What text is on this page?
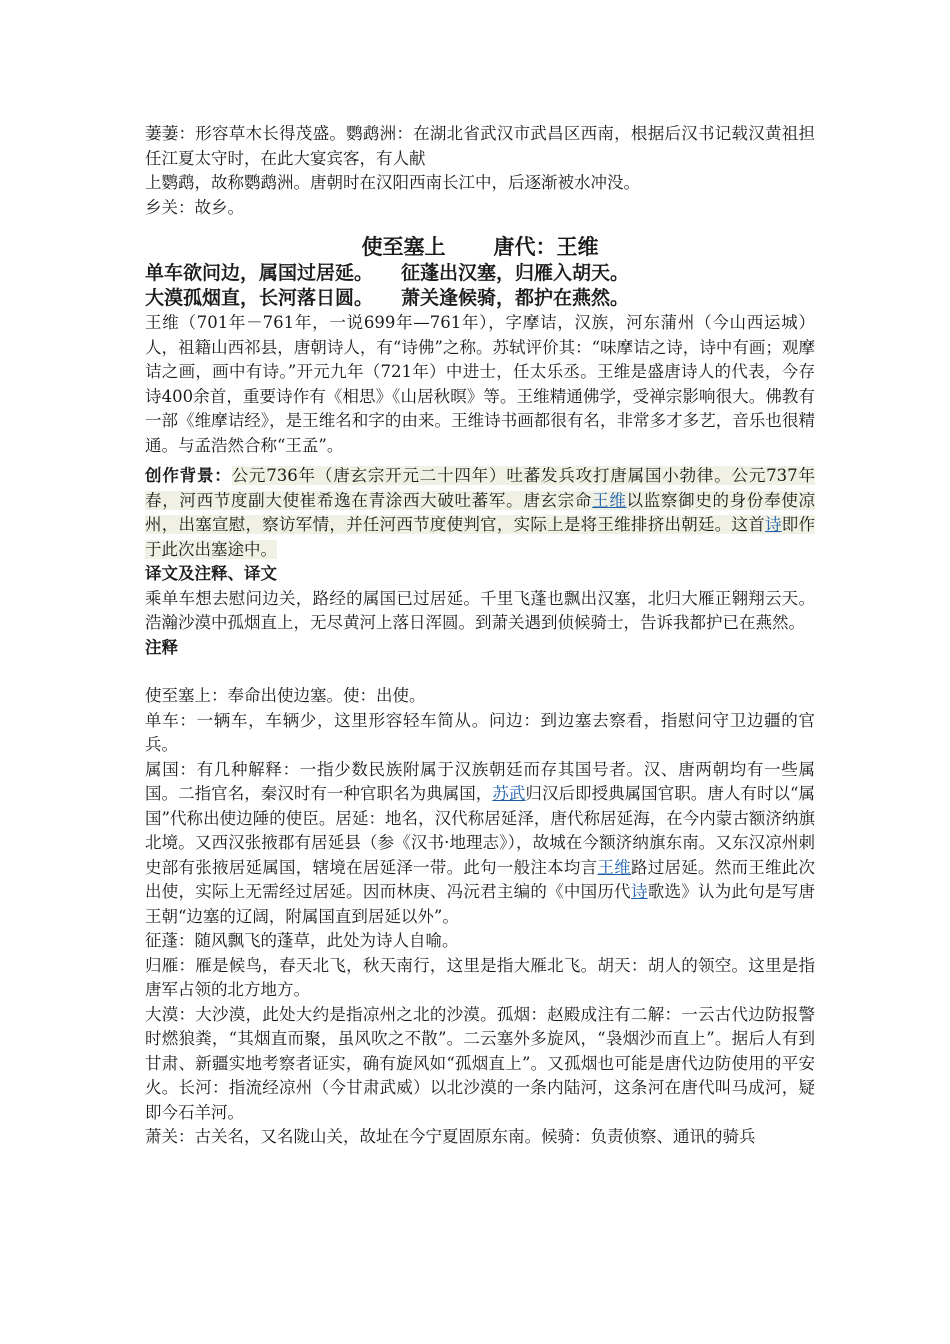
萋萋：形容草木长得茂盛。鹦鹉洲：在湖北省武汉市武昌区西南，根据后汉书记载汉黄祖担任江夏太守时，在此大宴宾客，有人献

上鹦鹉，故称鹦鹉洲。唐朝时在汉阳西南长江中，后逐渐被水冲没。

乡关：故乡。

使至塞上 唐代：王维
单车欲问边，属国过居延。 征蓬出汉塞，归雁入胡天。
大漠孤烟直，长河落日圆。 萧关逢候骑，都护在燕然。

王维（701年－761年，一说699年—761年），字摩诘，汉族，河东蒲州（今山西运城）人，祖籍山西祁县，唐朝诗人，有“诗佛”之称。苏轼评价其：“味摩诘之诗，诗中有画；观摩诘之画，画中有诗。”开元九年（721年）中进士，任太乐丞。王维是盛唐诗人的代表，今存诗400余首，重要诗作有《相思》《山居秋暝》等。王维精通佛学，受禅宗影响很大。佛教有一部《维摩诘经》，是王维名和字的由来。王维诗书画都很有名，非常多才多艺，音乐也很精通。与孟浩然合称“王孟”。

创作背景：公元736年（唐玄宗开元二十四年）吐蕃发兵攻打唐属国小勃律。公元737年春，河西节度副大使崔希逸在青涂西大破吐蕃军。唐玄宗命王维以监察御史的身份奉使凉州，出塞宣慰，察访军情，并任河西节度使判官，实际上是将王维排挤出朝廷。这首诗即作于此次出塞途中。

译文及注释、译文

乘单车想去慰问边关，路经的属国已过居延。千里飞蓬也飘出汉塞，北归大雁正翱翔云天。浩瀚沙漠中孤烟直上，无尽黄河上落日浑圆。到萧关遇到侦候骑士，告诉我都护已在燕然。

注释

使至塞上：奉命出使边塞。使：出使。

单车：一辆车，车辆少，这里形容轻车简从。问边：到边塞去察看，指慰问守卫边疆的官兵。

属国：有几种解释：一指少数民族附属于汉族朝廷而存其国号者。汉、唐两朝均有一些属国。二指官名，秦汉时有一种官职名为典属国，苏武归汉后即授典属国官职。唐人有时以“属国”代称出使边陲的使臣。居延：地名，汉代称居延泽，唐代称居延海，在今内蒙古额济纳旗北境。又西汉张掖郡有居延县（参《汉书·地理志》），故城在今额济纳旗东南。又东汉凉州刺史部有张掖居延属国，辖境在居延泽一带。此句一般注本均言王维路过居延。然而王维此次出使，实际上无需经过居延。因而林庚、冯沅君主编的《中国历代诗歌选》认为此句是写唐王朝“边塞的辽阔，附属国直到居延以外”。

征蓬：随风飘飞的蓬草，此处为诗人自喻。

归雁：雁是候鸟，春天北飞，秋天南行，这里是指大雁北飞。胡天：胡人的领空。这里是指唐军占领的北方地方。

大漠：大沙漠，此处大约是指凉州之北的沙漠。孤烟：赵殿成注有二解：一云古代边防报警时燃狼粪，“其烟直而聚，虽风吹之不散”。二云塞外多旋风，“袅烟沙而直上”。据后人有到甘肃、新疆实地考察者证实，确有旋风如“孤烟直上”。又孤烟也可能是唐代边防使用的平安火。长河：指流经凉州（今甘肃武威）以北沙漠的一条内陆河，这条河在唐代叫马成河，疑即今石羊河。

萧关：古关名，又名陇山关，故址在今宁夏固原东南。候骑：负责侦察、通讯的骑兵
